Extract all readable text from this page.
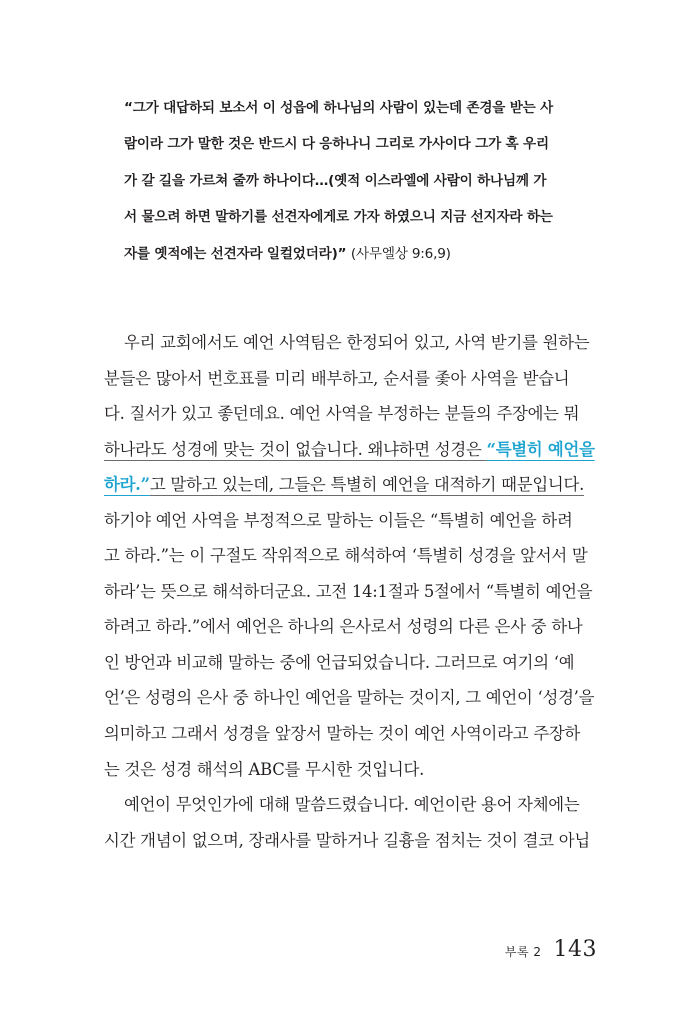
“그가 대답하되 보소서 이 성읍에 하나님의 사람이 있는데 존경을 받는 사
람이라 그가 말한 것은 반드시 다 응하나니 그리로 가사이다 그가 혹 우리
가 갈 길을 가르쳐 줄까 하나이다…(옛적 이스라엘에 사람이 하나님께 가
서 물으려 하면 말하기를 선견자에게로 가자 하였으니 지금 선지자라 하는
자를 옛적에는 선견자라 일컬었더라)” (사무엘상 9:6,9)
우리 교회에서도 예언 사역팀은 한정되어 있고, 사역 받기를 원하는
분들은 많아서 번호표를 미리 배부하고, 순서를 좇아 사역을 받습니
다. 질서가 있고 좋던데요. 예언 사역을 부정하는 분들의 주장에는 뭐
하나라도 성경에 맞는 것이 없습니다. 왜냐하면 성경은 “특별히 예언을
하라.”고 말하고 있는데, 그들은 특별히 예언을 대적하기 때문입니다.
하기야 예언 사역을 부정적으로 말하는 이들은 “특별히 예언을 하려
고 하라.”는 이 구절도 작위적으로 해석하여 ‘특별히 성경을 앞서서 말
하라’는 뜻으로 해석하더군요. 고전 14:1절과 5절에서 “특별히 예언을
하려고 하라.”에서 예언은 하나의 은사로서 성령의 다른 은사 중 하나
인 방언과 비교해 말하는 중에 언급되었습니다. 그러므로 여기의 ‘예
언’은 성령의 은사 중 하나인 예언을 말하는 것이지, 그 예언이 ‘성경’을
의미하고 그래서 성경을 앞장서 말하는 것이 예언 사역이라고 주장하
는 것은 성경 해석의 ABC를 무시한 것입니다.
예언이 무엇인가에 대해 말씀드렸습니다. 예언이란 용어 자체에는
시간 개념이 없으며, 장래사를 말하거나 길흉을 점치는 것이 결코 아닙
부록 2 143
